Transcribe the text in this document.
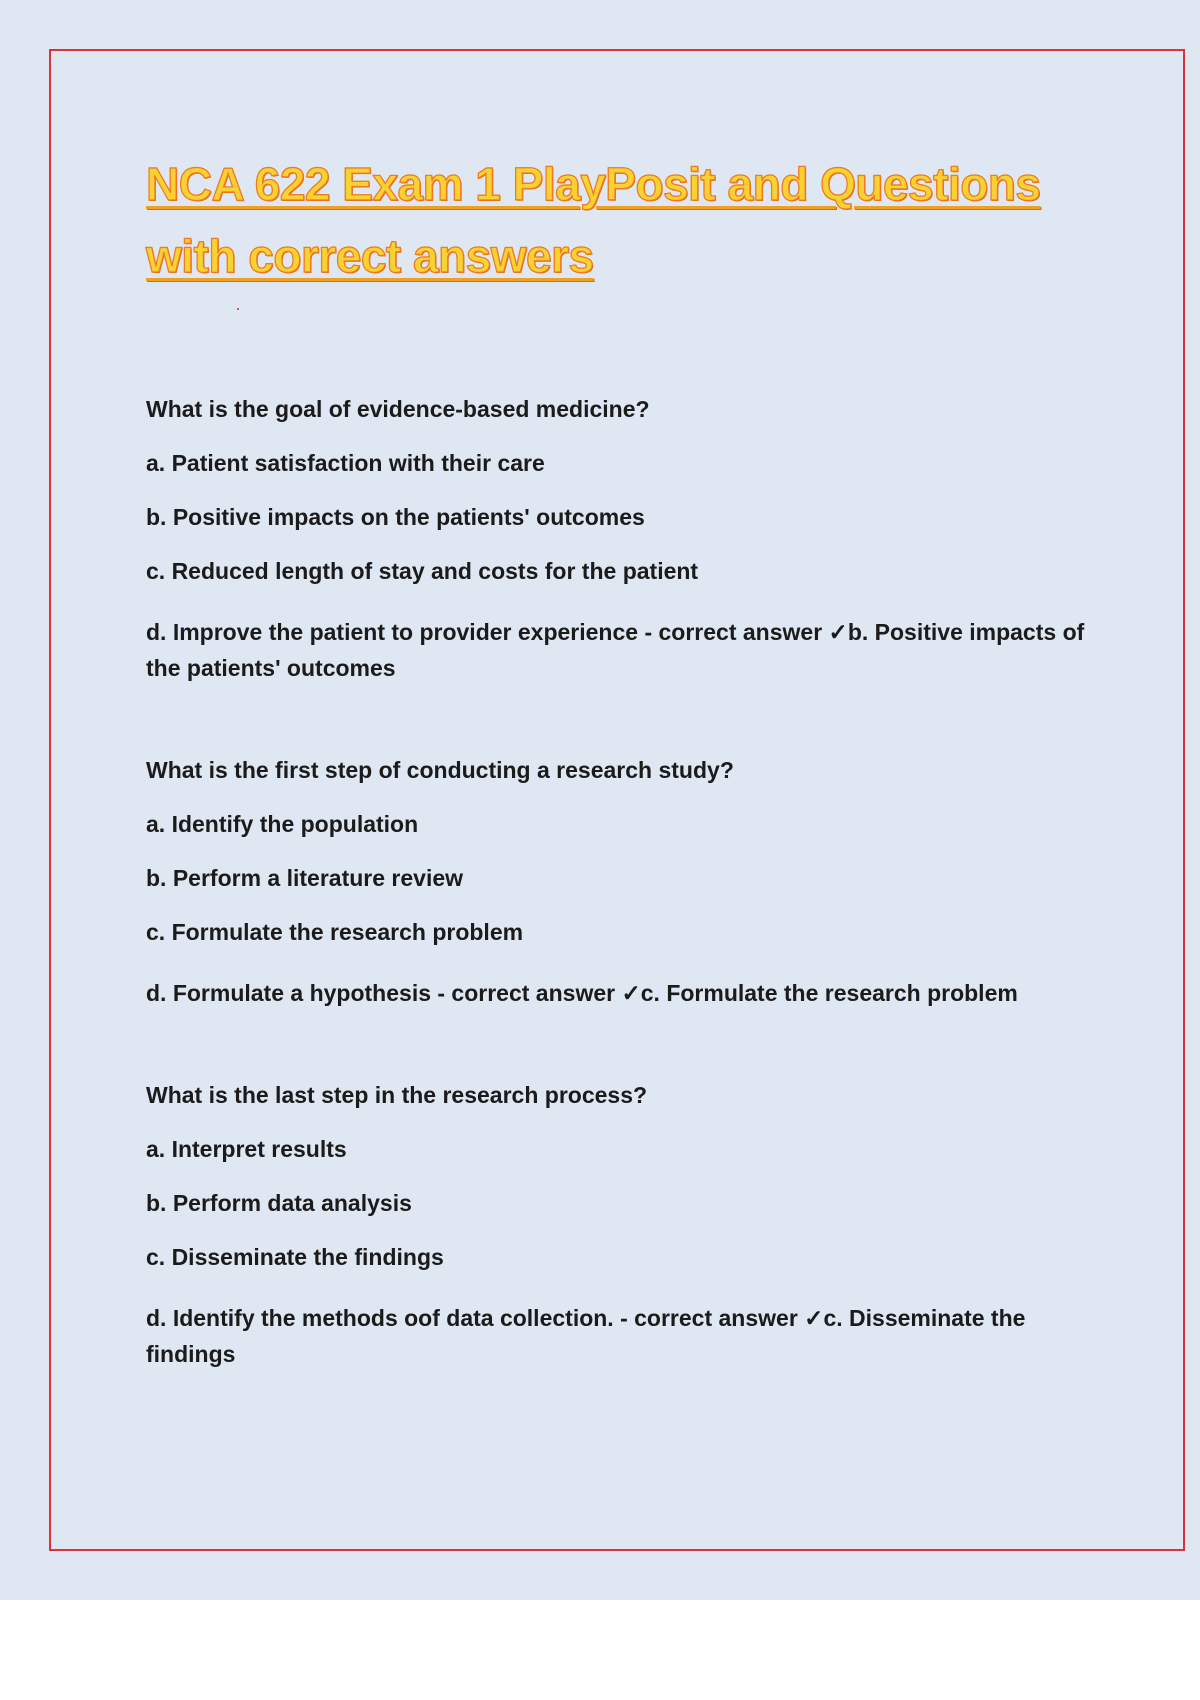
NCA 622 Exam 1 PlayPosit and Questions with correct answers

What is the goal of evidence-based medicine?

a. Patient satisfaction with their care

b. Positive impacts on the patients' outcomes

c. Reduced length of stay and costs for the patient

d. Improve the patient to provider experience - correct answer ✓b. Positive impacts of the patients' outcomes

What is the first step of conducting a research study?

a. Identify the population

b. Perform a literature review

c. Formulate the research problem

d. Formulate a hypothesis - correct answer ✓c. Formulate the research problem

What is the last step in the research process?

a. Interpret results

b. Perform data analysis

c. Disseminate the findings

d. Identify the methods oof data collection. - correct answer ✓c. Disseminate the findings
